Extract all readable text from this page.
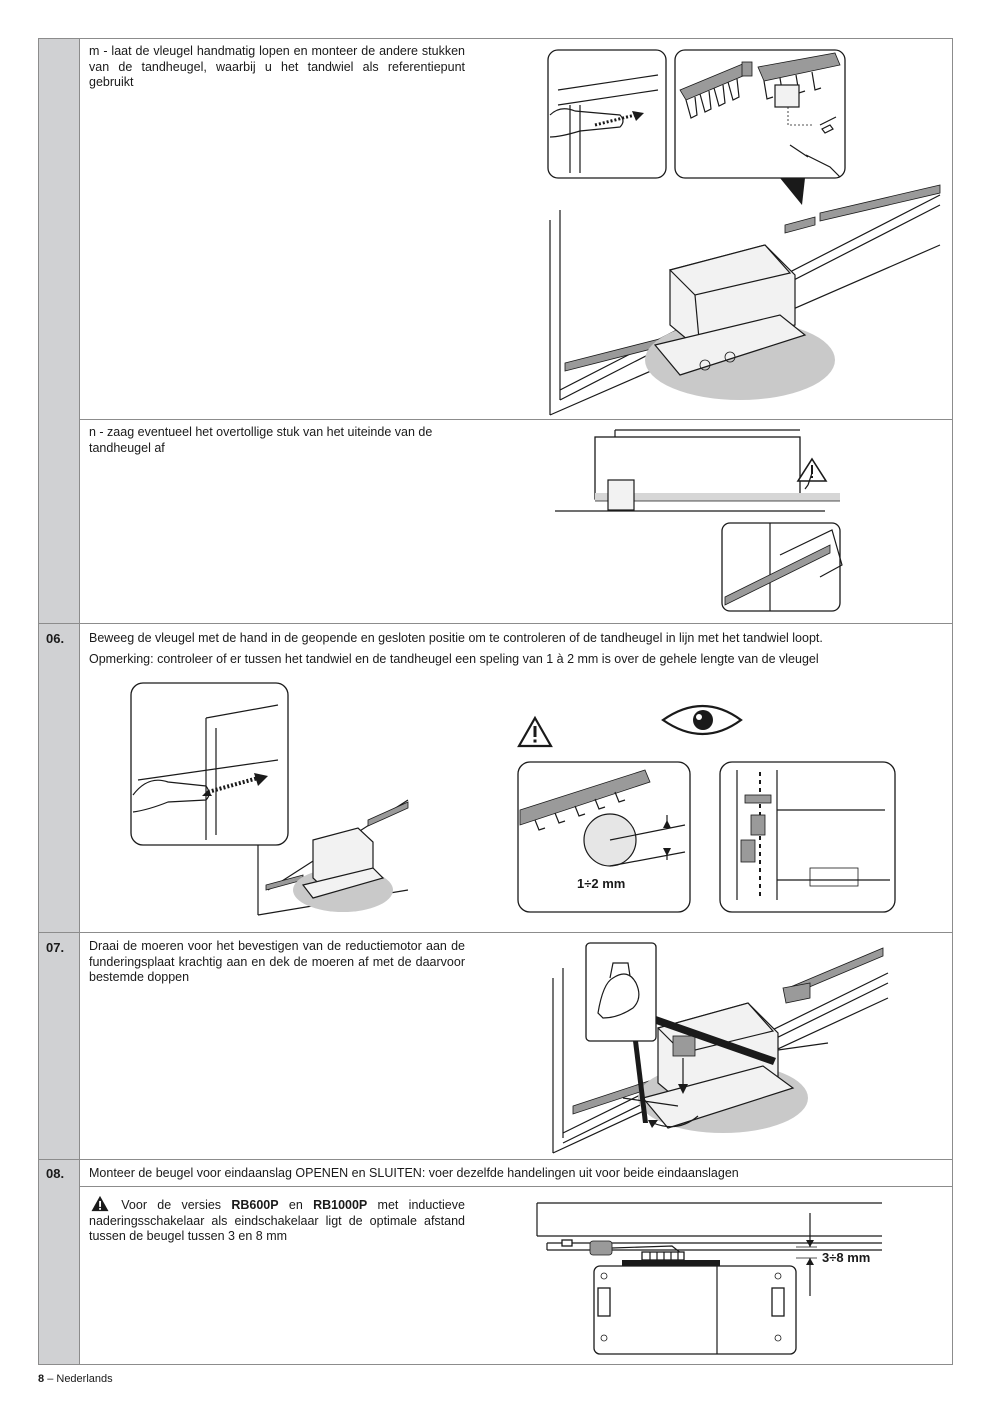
06.
07.
08.
m - laat de vleugel handmatig lopen en monteer de andere stukken van de tandheugel, waarbij u het tandwiel als referentiepunt gebruikt
n - zaag eventueel het overtollige stuk van het uiteinde van de tandheugel af
Beweeg de vleugel met de hand in de geopende en gesloten positie om te controleren of de tandheugel in lijn met het tandwiel loopt.
Opmerking: controleer of er tussen het tandwiel en de tandheugel een speling van 1 à 2 mm is over de gehele lengte van de vleugel
Draai de moeren voor het bevestigen van de reductiemotor aan de funderingsplaat krachtig aan en dek de moeren af met de daarvoor bestemde doppen
Monteer de beugel voor eindaanslag OPENEN en SLUITEN: voer dezelfde handelingen uit voor beide eindaanslagen
Voor de versies RB600P en RB1000P met inductieve naderingsschakelaar als eindschakelaar ligt de optimale afstand tussen de beugel tussen 3 en 8 mm
8 – Nederlands
1÷2 mm
3÷8 mm
